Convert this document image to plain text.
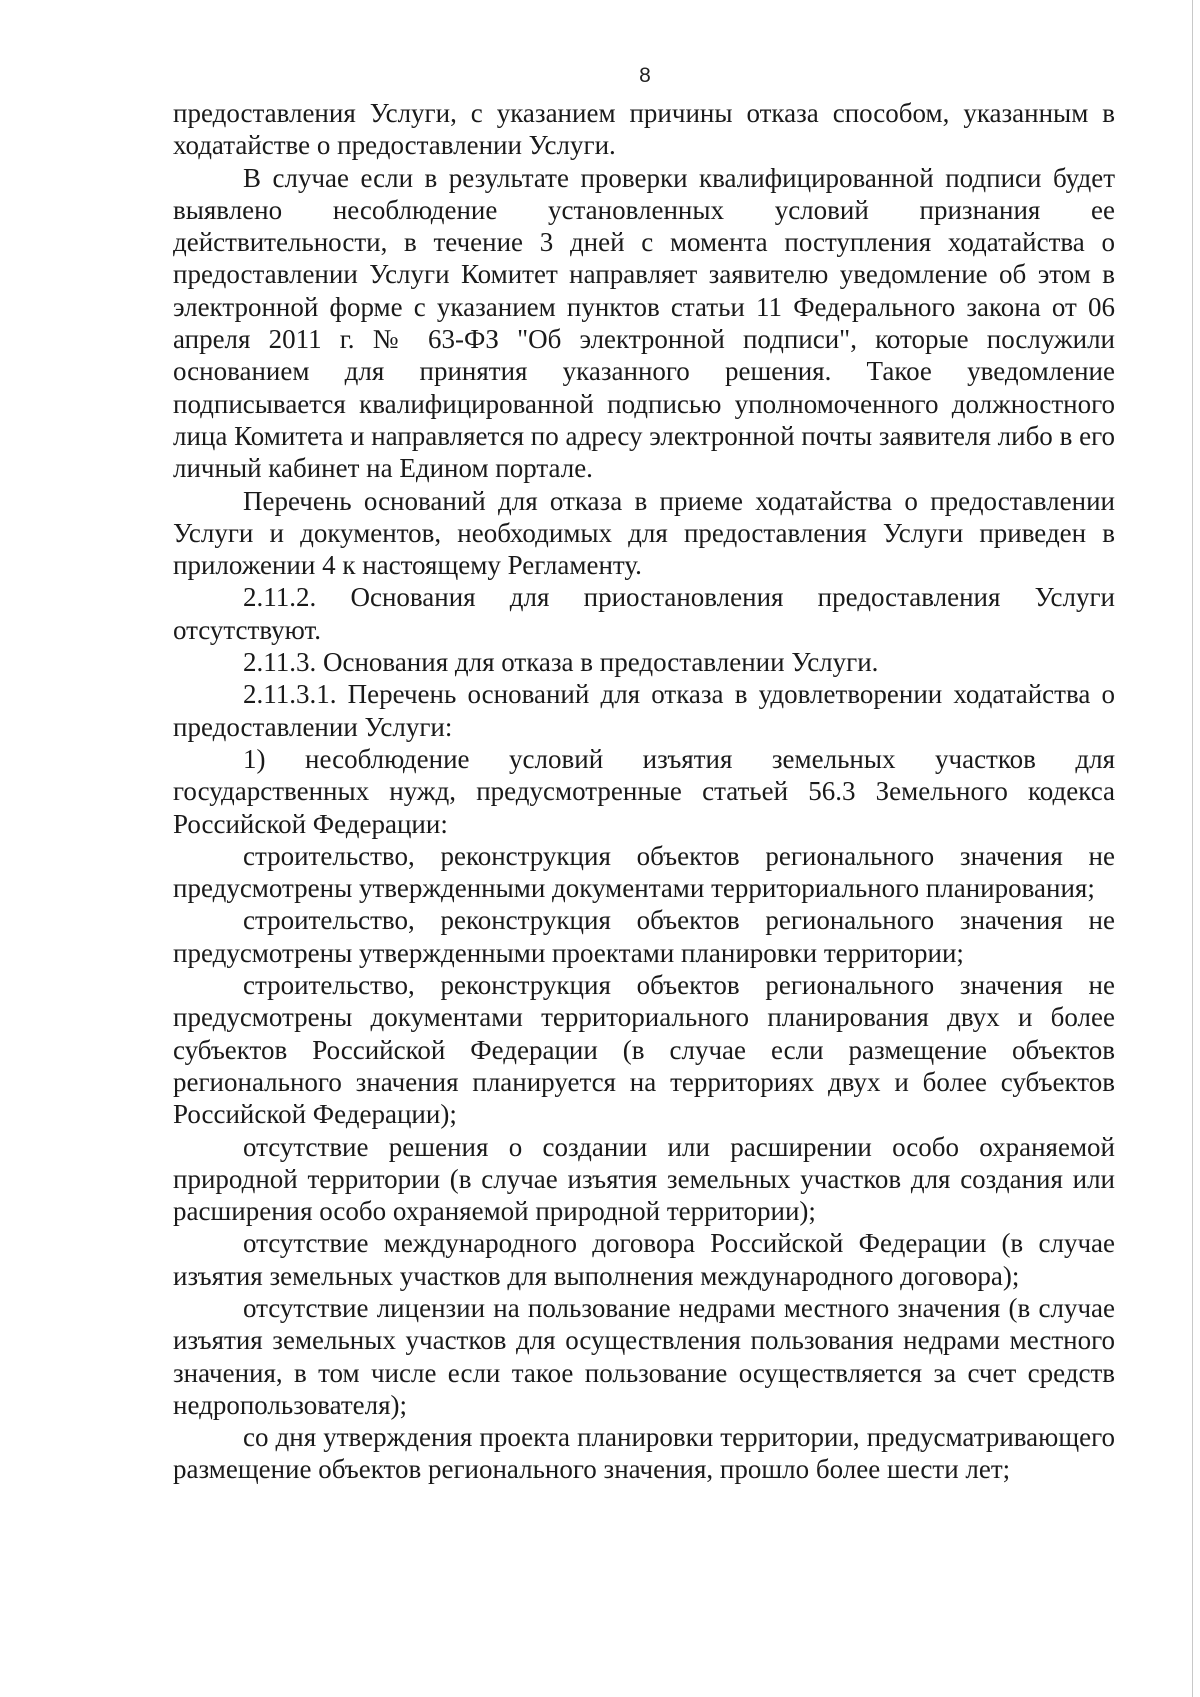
8

предоставления Услуги, с указанием причины отказа способом, указанным в ходатайстве о предоставлении Услуги.

В случае если в результате проверки квалифицированной подписи будет выявлено несоблюдение установленных условий признания ее действительности, в течение 3 дней с момента поступления ходатайства о предоставлении Услуги Комитет направляет заявителю уведомление об этом в электронной форме с указанием пунктов статьи 11 Федерального закона от 06 апреля 2011 г. № 63-ФЗ "Об электронной подписи", которые послужили основанием для принятия указанного решения. Такое уведомление подписывается квалифицированной подписью уполномоченного должностного лица Комитета и направляется по адресу электронной почты заявителя либо в его личный кабинет на Едином портале.

Перечень оснований для отказа в приеме ходатайства о предоставлении Услуги и документов, необходимых для предоставления Услуги приведен в приложении 4 к настоящему Регламенту.

2.11.2. Основания для приостановления предоставления Услуги отсутствуют.

2.11.3. Основания для отказа в предоставлении Услуги.

2.11.3.1. Перечень оснований для отказа в удовлетворении ходатайства о предоставлении Услуги:

1) несоблюдение условий изъятия земельных участков для государственных нужд, предусмотренные статьей 56.3 Земельного кодекса Российской Федерации:

строительство, реконструкция объектов регионального значения не предусмотрены утвержденными документами территориального планирования;

строительство, реконструкция объектов регионального значения не предусмотрены утвержденными проектами планировки территории;

строительство, реконструкция объектов регионального значения не предусмотрены документами территориального планирования двух и более субъектов Российской Федерации (в случае если размещение объектов регионального значения планируется на территориях двух и более субъектов Российской Федерации);

отсутствие решения о создании или расширении особо охраняемой природной территории (в случае изъятия земельных участков для создания или расширения особо охраняемой природной территории);

отсутствие международного договора Российской Федерации (в случае изъятия земельных участков для выполнения международного договора);

отсутствие лицензии на пользование недрами местного значения (в случае изъятия земельных участков для осуществления пользования недрами местного значения, в том числе если такое пользование осуществляется за счет средств недропользователя);

со дня утверждения проекта планировки территории, предусматривающего размещение объектов регионального значения, прошло более шести лет;
